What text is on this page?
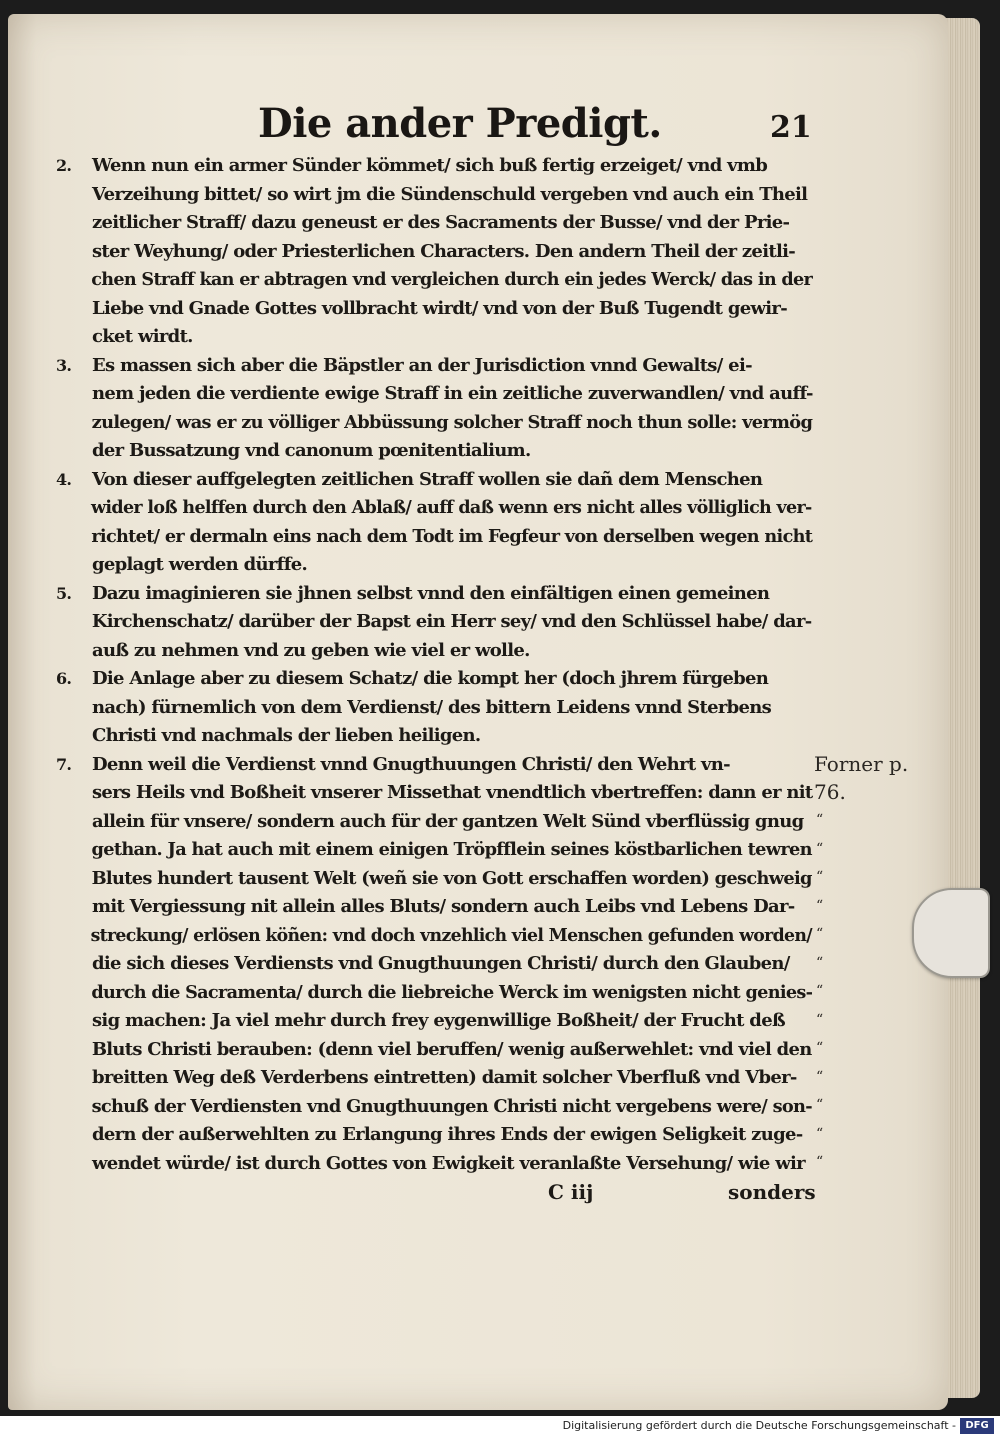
Die ander Predigt.	21
2. Wenn nun ein armer Sünder kömmet/ sich buß fertig erzeiget/ vnd vmb
Verzeihung bittet/ so wirt jm die Sündenschuld vergeben vnd auch ein Theil
zeitlicher Straff/ dazu geneust er des Sacraments der Busse/ vnd der Prie-
ster Weyhung/ oder Priesterlichen Characters. Den andern Theil der zeitli-
chen Straff kan er abtragen vnd vergleichen durch ein jedes Werck/ das in der
Liebe vnd Gnade Gottes vollbracht wirdt/ vnd von der Buß Tugendt gewir-
cket wirdt.
3. Es massen sich aber die Bäpstler an der Jurisdiction vnnd Gewalts/ ei-
nem jeden die verdiente ewige Straff in ein zeitliche zuverwandlen/ vnd auff-
zulegen/ was er zu völliger Abbüssung solcher Straff noch thun solle: vermög
der Bussatzung vnd canonum pœnitentialium.
4. Von dieser auffgelegten zeitlichen Straff wollen sie dañ dem Menschen
wider loß helffen durch den Ablaß/ auff daß wenn ers nicht alles völliglich ver-
richtet/ er dermaln eins nach dem Todt im Fegfeur von derselben wegen nicht
geplagt werden dürffe.
5. Dazu imaginieren sie jhnen selbst vnnd den einfältigen einen gemeinen
Kirchenschatz/ darüber der Bapst ein Herr sey/ vnd den Schlüssel habe/ dar-
auß zu nehmen vnd zu geben wie viel er wolle.
6. Die Anlage aber zu diesem Schatz/ die kompt her (doch jhrem fürgeben
nach) fürnemlich von dem Verdienst/ des bittern Leidens vnnd Sterbens
Christi vnd nachmals der lieben heiligen.
7. Denn weil die Verdienst vnnd Gnugthuungen Christi/ den Wehrt vn-
sers Heils vnd Boßheit vnserer Missethat vnendtlich vbertreffen: dann er nit
allein für vnsere/ sondern auch für der gantzen Welt Sünd vberflüssig gnug
gethan. Ja hat auch mit einem einigen Tröpfflein seines köstbarlichen tewren
Blutes hundert tausent Welt (weñ sie von Gott erschaffen worden) geschweig
mit Vergiessung nit allein alles Bluts/ sondern auch Leibs vnd Lebens Dar-
streckung/ erlösen köñen: vnd doch vnzehlich viel Menschen gefunden worden/
die sich dieses Verdiensts vnd Gnugthuungen Christi/ durch den Glauben/
durch die Sacramenta/ durch die liebreiche Werck im wenigsten nicht genies-
sig machen: Ja viel mehr durch frey eygenwillige Boßheit/ der Frucht deß
Bluts Christi berauben: (denn viel beruffen/ wenig außerwehlet: vnd viel den
breitten Weg deß Verderbens eintretten) damit solcher Vberfluß vnd Vber-
schuß der Verdiensten vnd Gnugthuungen Christi nicht vergebens were/ son-
dern der außerwehlten zu Erlangung ihres Ends der ewigen Seligkeit zuge-
wendet würde/ ist durch Gottes von Ewigkeit veranlaßte Versehung/ wie wir
Forner p.
76.
“
“
“
“
“
“
“
“
“
“
“
“
“
C iij	sonders
Digitalisierung gefördert durch die Deutsche Forschungsgemeinschaft - DFG
